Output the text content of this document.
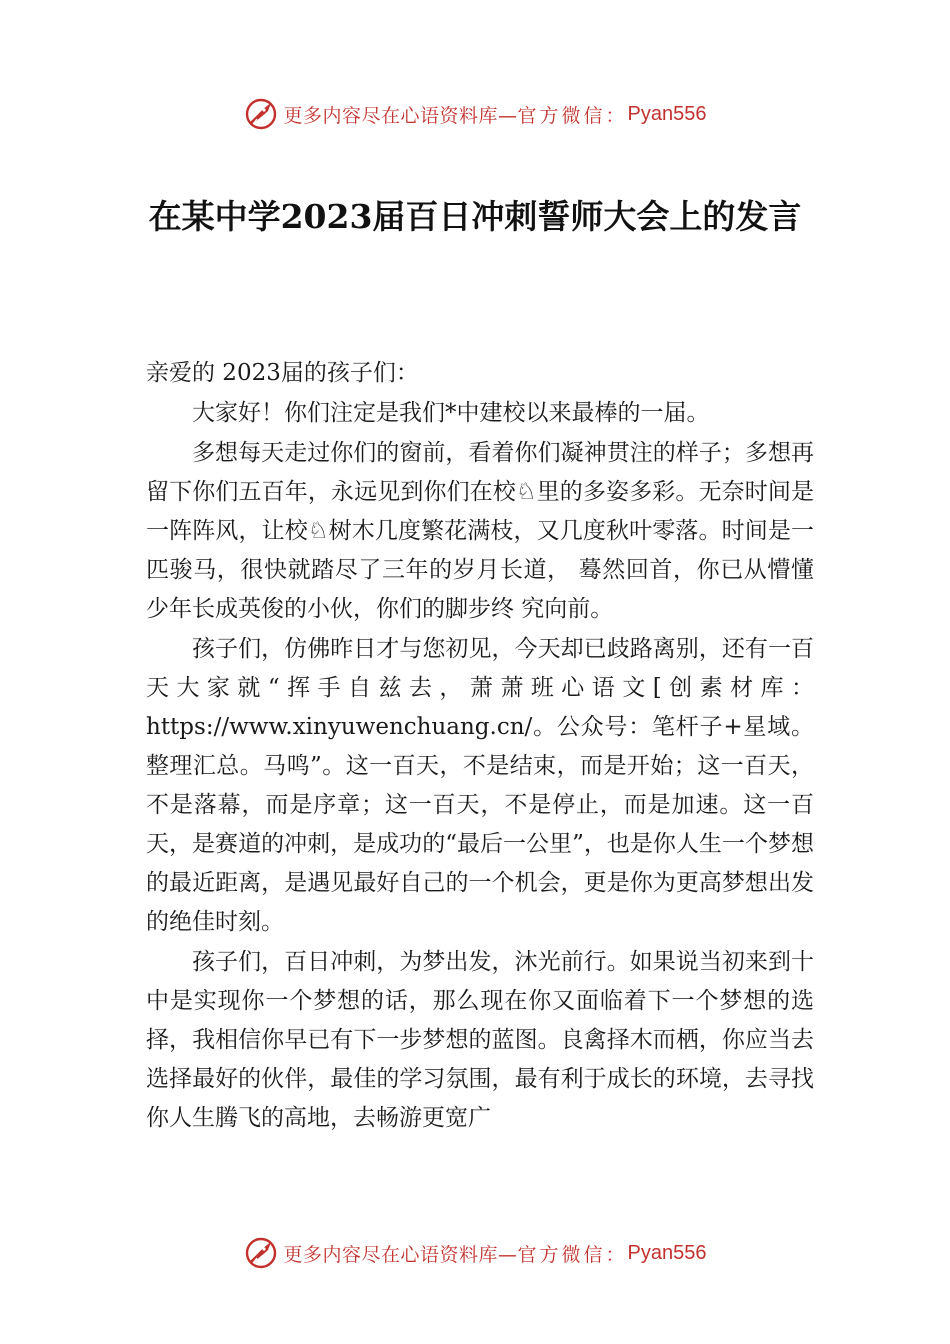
更多内容尽在心语资料库— 官方微信： Pyan556
在某中学2023届百日冲刺誓师大会上的发言

亲爱的 2023届的孩子们：

大家好！你们注定是我们*中建校以来最棒的一届。

多想每天走过你们的窗前，看着你们凝神贯注的样子；多想再留下你们五百年，永远见到你们在校♘里的多姿多彩。无奈时间是一阵阵风，让校♘树木几度繁花满枝，又几度秋叶零落。时间是一匹骏马，很快就踏尽了三年的岁月长道， 蓦然回首，你已从懵懂少年长成英俊的小伙，你们的脚步终 究向前。

孩子们，仿佛昨日才与您初见，今天却已歧路离别，还有一百天大家就“挥手自兹去，萧萧班心语文[创素材库：https://www.xinyuwenchuang.cn/。公众号：笔杆子+星域。整理汇总。马鸣”。这一百天，不是结束，而是开始；这一百天，不是落幕，而是序章；这一百天，不是停止，而是加速。这一百天，是赛道的冲刺，是成功的“最后一公里”，也是你人生一个梦想的最近距离，是遇见最好自己的一个机会，更是你为更高梦想出发的绝佳时刻。

孩子们，百日冲刺，为梦出发，沐光前行。如果说当初来到十中是实现你一个梦想的话，那么现在你又面临着下一个梦想的选择，我相信你早已有下一步梦想的蓝图。良禽择木而栖，你应当去选择最好的伙伴，最佳的学习氛围，最有利于成长的环境，去寻找你人生腾飞的高地，去畅游更宽广

更多内容尽在心语资料库— 官方微信： Pyan556
